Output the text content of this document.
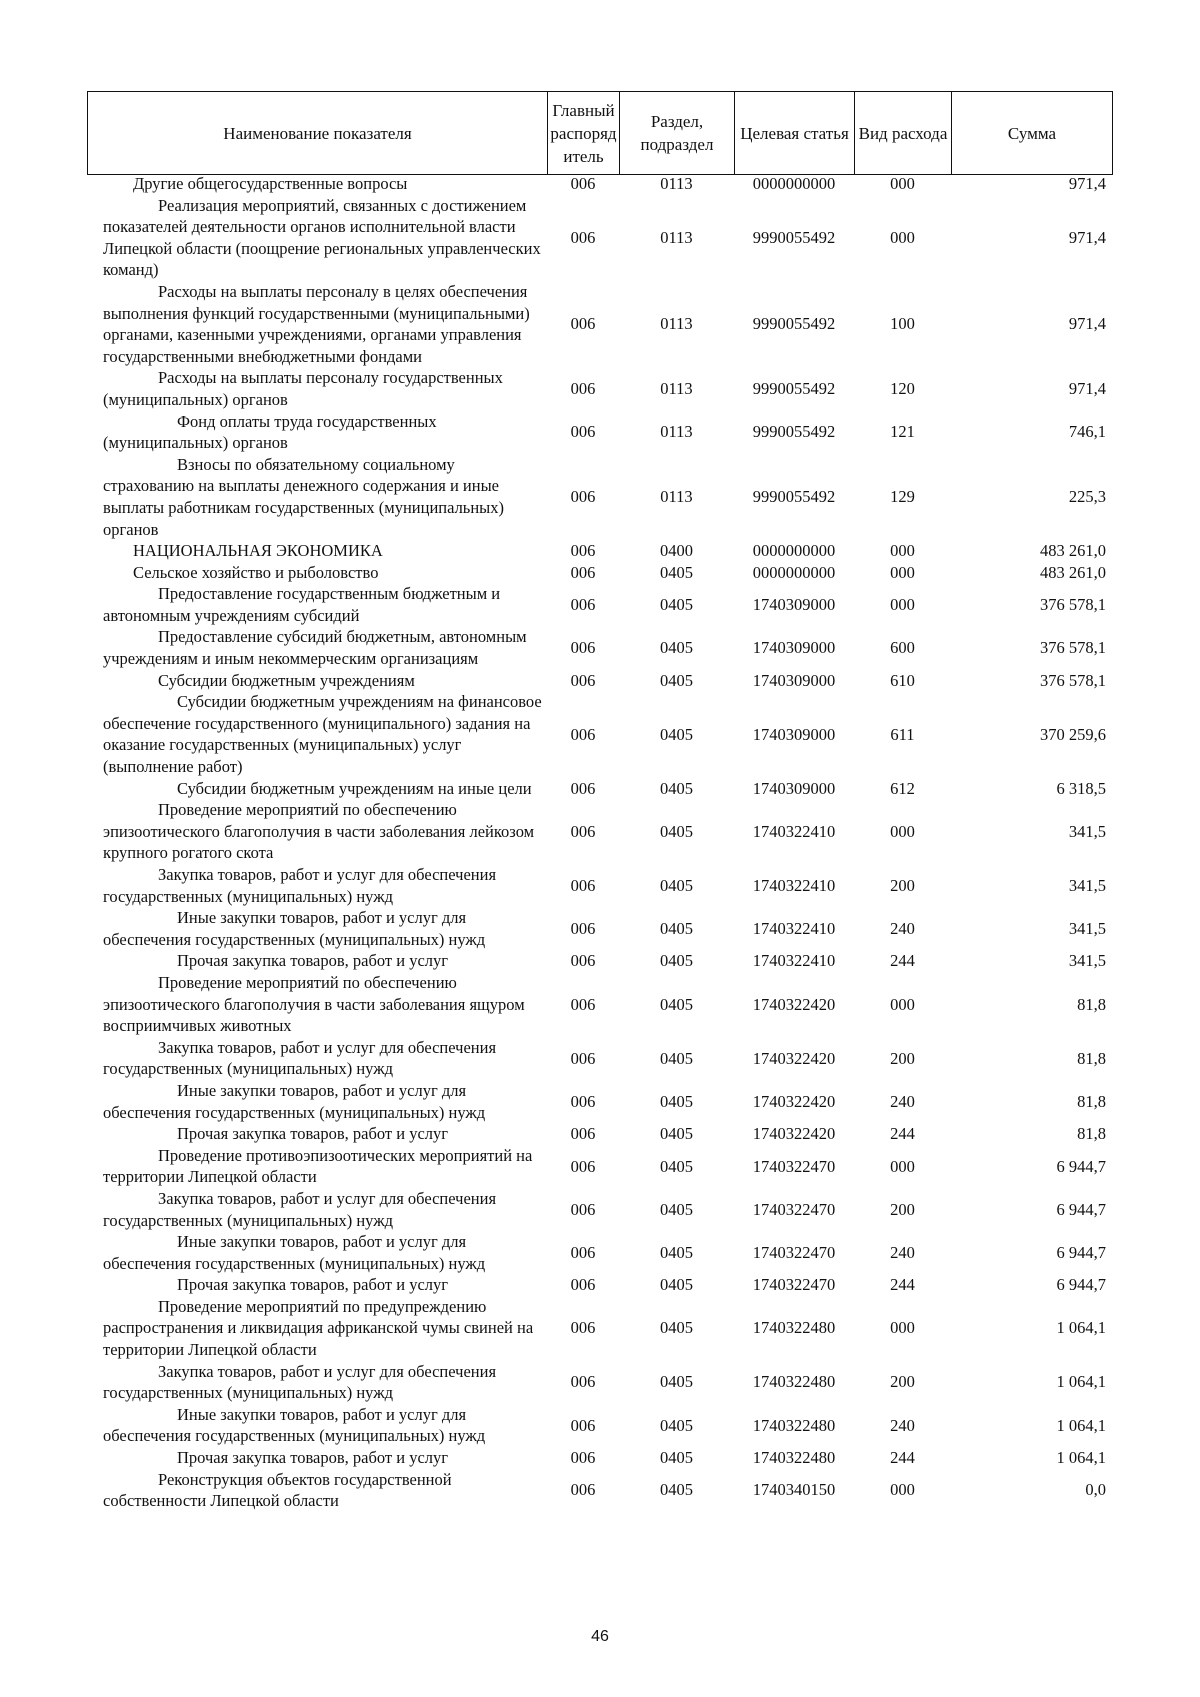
Наименование показателя	Главный распоряд итель	Раздел, подраздел	Целевая статья	Вид расхода	Сумма
Другие общегосударственные вопросы	006	0113	0000000000	000	971,4

Реализация мероприятий, связанных с достижением показателей деятельности органов исполнительной власти Липецкой области (поощрение региональных управленческих команд)	006	0113	9990055492	000	971,4

Расходы на выплаты персоналу в целях обеспечения выполнения функций государственными (муниципальными) органами, казенными учреждениями, органами управления государственными внебюджетными фондами	006	0113	9990055492	100	971,4

Расходы на выплаты персоналу государственных (муниципальных) органов	006	0113	9990055492	120	971,4

Фонд оплаты труда государственных (муниципальных) органов	006	0113	9990055492	121	746,1

Взносы по обязательному социальному страхованию на выплаты денежного содержания и иные выплаты работникам государственных (муниципальных) органов	006	0113	9990055492	129	225,3

НАЦИОНАЛЬНАЯ ЭКОНОМИКА	006	0400	0000000000	000	483 261,0

Сельское хозяйство и рыболовство	006	0405	0000000000	000	483 261,0

Предоставление государственным бюджетным и автономным учреждениям субсидий	006	0405	1740309000	000	376 578,1

Предоставление субсидий бюджетным, автономным учреждениям и иным некоммерческим организациям	006	0405	1740309000	600	376 578,1

Субсидии бюджетным учреждениям	006	0405	1740309000	610	376 578,1

Субсидии бюджетным учреждениям на финансовое обеспечение государственного (муниципального) задания на оказание государственных (муниципальных) услуг (выполнение работ)	006	0405	1740309000	611	370 259,6

Субсидии бюджетным учреждениям на иные цели	006	0405	1740309000	612	6 318,5

Проведение мероприятий по обеспечению эпизоотического благополучия в части заболевания лейкозом крупного рогатого скота	006	0405	1740322410	000	341,5

Закупка товаров, работ и услуг для обеспечения государственных (муниципальных) нужд	006	0405	1740322410	200	341,5

Иные закупки товаров, работ и услуг для обеспечения государственных (муниципальных) нужд	006	0405	1740322410	240	341,5

Прочая закупка товаров, работ и услуг	006	0405	1740322410	244	341,5

Проведение мероприятий по обеспечению эпизоотического благополучия в части заболевания ящуром восприимчивых животных	006	0405	1740322420	000	81,8

Закупка товаров, работ и услуг для обеспечения государственных (муниципальных) нужд	006	0405	1740322420	200	81,8

Иные закупки товаров, работ и услуг для обеспечения государственных (муниципальных) нужд	006	0405	1740322420	240	81,8

Прочая закупка товаров, работ и услуг	006	0405	1740322420	244	81,8

Проведение противоэпизоотических мероприятий на территории Липецкой области	006	0405	1740322470	000	6 944,7

Закупка товаров, работ и услуг для обеспечения государственных (муниципальных) нужд	006	0405	1740322470	200	6 944,7

Иные закупки товаров, работ и услуг для обеспечения государственных (муниципальных) нужд	006	0405	1740322470	240	6 944,7

Прочая закупка товаров, работ и услуг	006	0405	1740322470	244	6 944,7

Проведение мероприятий по предупреждению распространения и ликвидация африканской чумы свиней на территории Липецкой области	006	0405	1740322480	000	1 064,1

Закупка товаров, работ и услуг для обеспечения государственных (муниципальных) нужд	006	0405	1740322480	200	1 064,1

Иные закупки товаров, работ и услуг для обеспечения государственных (муниципальных) нужд	006	0405	1740322480	240	1 064,1

Прочая закупка товаров, работ и услуг	006	0405	1740322480	244	1 064,1

Реконструкция объектов государственной собственности Липецкой области	006	0405	1740340150	000	0,0
46
